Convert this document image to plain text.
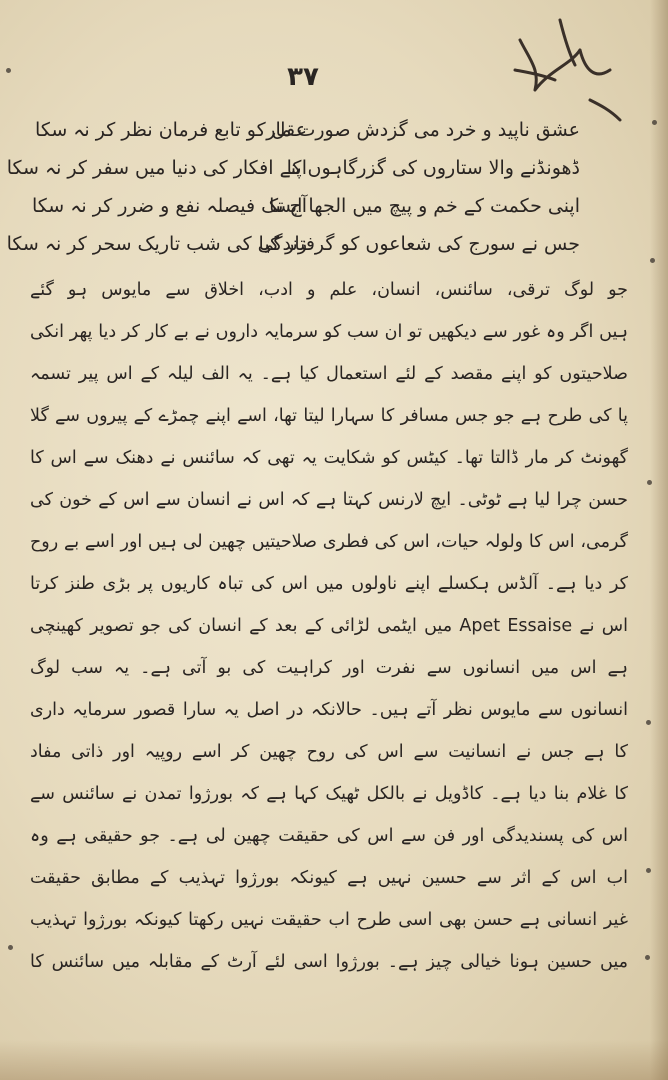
۳۷
عشق ناپید و خرد می گزدش صورت مار
ڈھونڈنے والا ستاروں کی گزرگاہوں کا
اپنی حکمت کے خم و پیچ میں الجھا ایسا
جس نے سورج کی شعاعوں کو گرفتار کیا
عقل کو تابع فرمان نظر کر نہ سکا
اپنے افکار کی دنیا میں سفر کر نہ سکا
آج تک فیصلہ نفع و ضرر کر نہ سکا
زندگی کی شب تاریک سحر کر نہ سکا
جو لوگ ترقی، سائنس، انسان، علم و ادب، اخلاق سے مایوس ہو گئے
ہیں اگر وہ غور سے دیکھیں تو ان سب کو سرمایہ داروں نے بے کار کر دیا پھر انکی
صلاحیتوں کو اپنے مقصد کے لئے استعمال کیا ہے۔ یہ الف لیلہ کے اس پیر تسمہ
پا کی طرح ہے جو جس مسافر کا سہارا لیتا تھا، اسے اپنے چمڑے کے پیروں سے گلا
گھونٹ کر مار ڈالتا تھا۔ کیٹس کو شکایت یہ تھی کہ سائنس نے دھنک سے اس کا
حسن چرا لیا ہے ٹوٹی۔ ایچ لارنس کہتا ہے کہ اس نے انسان سے اس کے خون کی
گرمی، اس کا ولولہ حیات، اس کی فطری صلاحیتیں چھین لی ہیں اور اسے بے روح
کر دیا ہے۔ آلڈس ہکسلے اپنے ناولوں میں اس کی تباہ کاریوں پر بڑی طنز کرتا
اس نے Apet Essaise میں ایٹمی لڑائی کے بعد کے انسان کی جو تصویر کھینچی
ہے اس میں انسانوں سے نفرت اور کراہیت کی بو آتی ہے۔ یہ سب لوگ
انسانوں سے مایوس نظر آتے ہیں۔ حالانکہ در اصل یہ سارا قصور سرمایہ داری
کا ہے جس نے انسانیت سے اس کی روح چھین کر اسے روپیہ اور ذاتی مفاد
کا غلام بنا دیا ہے۔ کاڈویل نے بالکل ٹھیک کہا ہے کہ بورژوا تمدن نے سائنس سے
اس کی پسندیدگی اور فن سے اس کی حقیقت چھین لی ہے۔ جو حقیقی ہے وہ
اب اس کے اثر سے حسین نہیں ہے کیونکہ بورژوا تہذیب کے مطابق حقیقت
غیر انسانی ہے حسن بھی اسی طرح اب حقیقت نہیں رکھتا کیونکہ بورژوا تہذیب
میں حسین ہونا خیالی چیز ہے۔ بورژوا اسی لئے آرٹ کے مقابلہ میں سائنس کا
